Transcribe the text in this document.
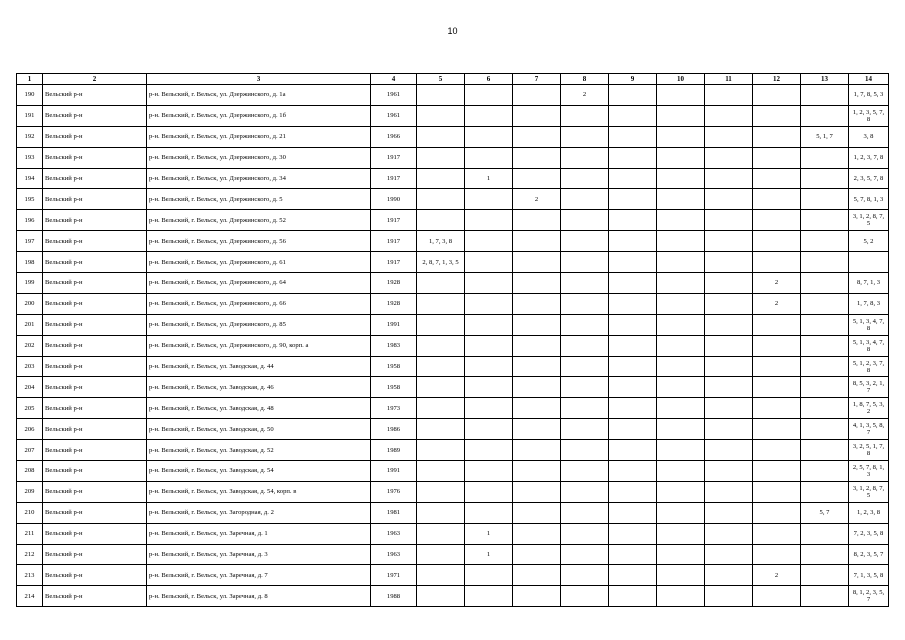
10
1	2	3	4	5	6	7	8	9	10	11	12	13	14
190	Вельский р-н	р-н. Вельский, г. Вельск, ул. Дзержинского, д. 1а	1961				2						1, 7, 8, 5, 3
191	Вельский р-н	р-н. Вельский, г. Вельск, ул. Дзержинского, д. 1б	1961										1, 2, 3, 5, 7, 8
192	Вельский р-н	р-н. Вельский, г. Вельск, ул. Дзержинского, д. 21	1966									5, 1, 7	3, 8
193	Вельский р-н	р-н. Вельский, г. Вельск, ул. Дзержинского, д. 30	1917										1, 2, 3, 7, 8
194	Вельский р-н	р-н. Вельский, г. Вельск, ул. Дзержинского, д. 34	1917		1								2, 3, 5, 7, 8
195	Вельский р-н	р-н. Вельский, г. Вельск, ул. Дзержинского, д. 5	1990			2							5, 7, 8, 1, 3
196	Вельский р-н	р-н. Вельский, г. Вельск, ул. Дзержинского, д. 52	1917										3, 1, 2, 8, 7, 5
197	Вельский р-н	р-н. Вельский, г. Вельск, ул. Дзержинского, д. 56	1917	1, 7, 3, 8									5, 2
198	Вельский р-н	р-н. Вельский, г. Вельск, ул. Дзержинского, д. 61	1917	2, 8, 7, 1, 3, 5									
199	Вельский р-н	р-н. Вельский, г. Вельск, ул. Дзержинского, д. 64	1928								2		8, 7, 1, 3
200	Вельский р-н	р-н. Вельский, г. Вельск, ул. Дзержинского, д. 66	1928								2		1, 7, 8, 3
201	Вельский р-н	р-н. Вельский, г. Вельск, ул. Дзержинского, д. 85	1991										5, 1, 3, 4, 7, 8
202	Вельский р-н	р-н. Вельский, г. Вельск, ул. Дзержинского, д. 90, корп. а	1983										5, 1, 3, 4, 7, 8
203	Вельский р-н	р-н. Вельский, г. Вельск, ул. Заводская, д. 44	1958										5, 1, 2, 3, 7, 8
204	Вельский р-н	р-н. Вельский, г. Вельск, ул. Заводская, д. 46	1958										8, 5, 3, 2, 1, 7
205	Вельский р-н	р-н. Вельский, г. Вельск, ул. Заводская, д. 48	1973										1, 8, 7, 5, 3, 2
206	Вельский р-н	р-н. Вельский, г. Вельск, ул. Заводская, д. 50	1986										4, 1, 3, 5, 8, 7
207	Вельский р-н	р-н. Вельский, г. Вельск, ул. Заводская, д. 52	1989										3, 2, 5, 1, 7, 8
208	Вельский р-н	р-н. Вельский, г. Вельск, ул. Заводская, д. 54	1991										2, 5, 7, 8, 1, 3
209	Вельский р-н	р-н. Вельский, г. Вельск, ул. Заводская, д. 54, корп. в	1976										3, 1, 2, 8, 7, 5
210	Вельский р-н	р-н. Вельский, г. Вельск, ул. Загородная, д. 2	1981									5, 7	1, 2, 3, 8
211	Вельский р-н	р-н. Вельский, г. Вельск, ул. Заречная, д. 1	1963		1								7, 2, 3, 5, 8
212	Вельский р-н	р-н. Вельский, г. Вельск, ул. Заречная, д. 3	1963		1								8, 2, 3, 5, 7
213	Вельский р-н	р-н. Вельский, г. Вельск, ул. Заречная, д. 7	1971								2		7, 1, 3, 5, 8
214	Вельский р-н	р-н. Вельский, г. Вельск, ул. Заречная, д. 8	1988										8, 1, 2, 3, 5, 7
